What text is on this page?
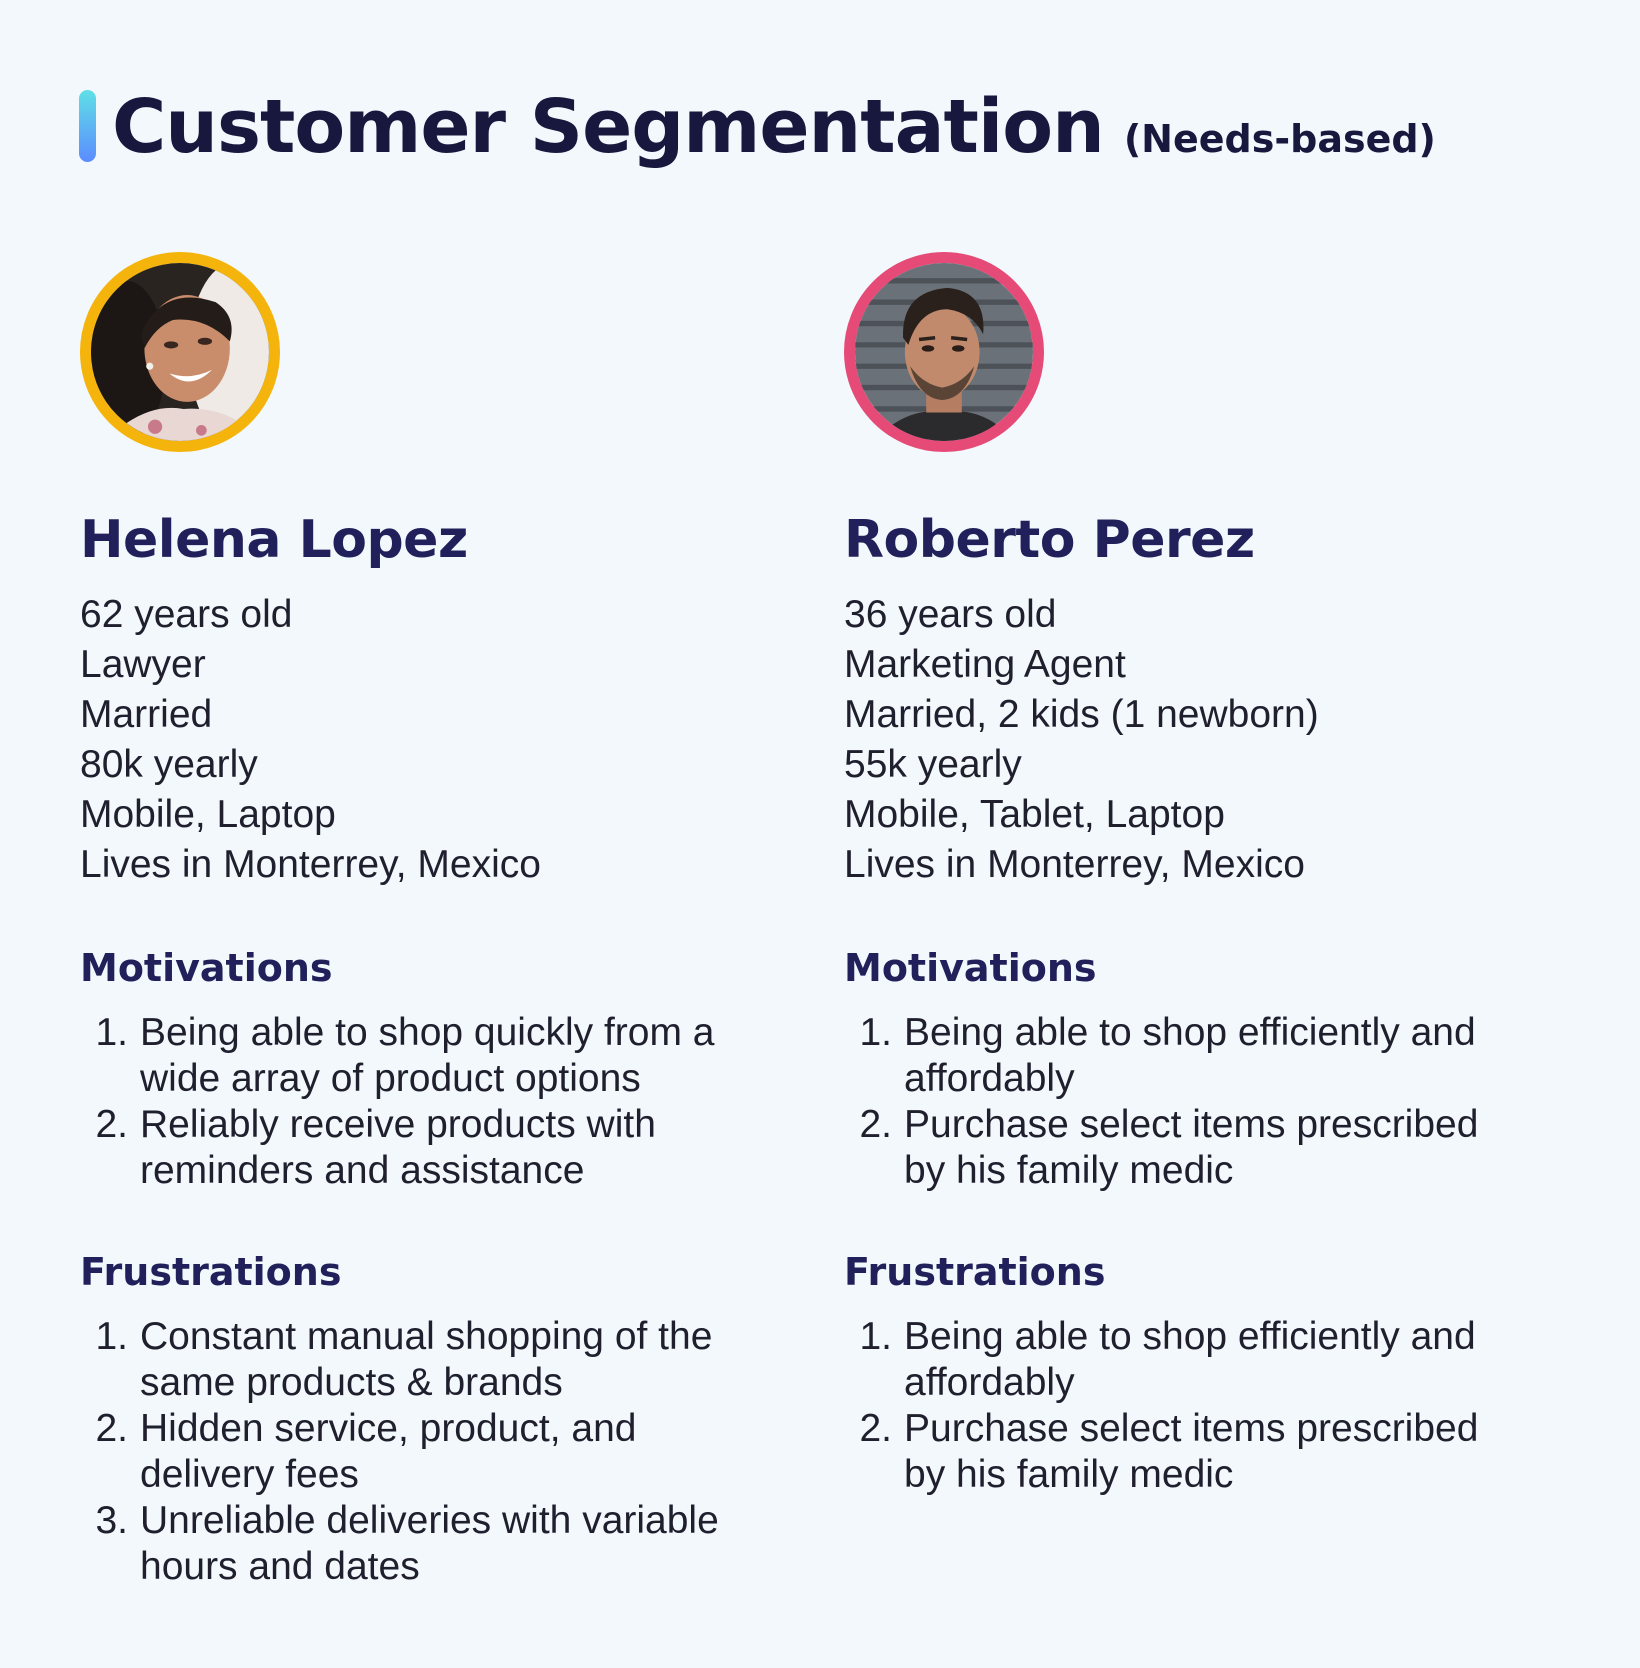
Customer Segmentation (Needs-based)
Helena Lopez
62 years old
Lawyer
Married
80k yearly
Mobile, Laptop
Lives in Monterrey, Mexico
Motivations
1. Being able to shop quickly from a wide array of product options
2. Reliably receive products with reminders and assistance
Frustrations
1. Constant manual shopping of the same products & brands
2. Hidden service, product, and delivery fees
3. Unreliable deliveries with variable hours and dates
Roberto Perez
36 years old
Marketing Agent
Married, 2 kids (1 newborn)
55k yearly
Mobile, Tablet, Laptop
Lives in Monterrey, Mexico
Motivations
1. Being able to shop efficiently and affordably
2. Purchase select items prescribed by his family medic
Frustrations
1. Being able to shop efficiently and affordably
2. Purchase select items prescribed by his family medic
